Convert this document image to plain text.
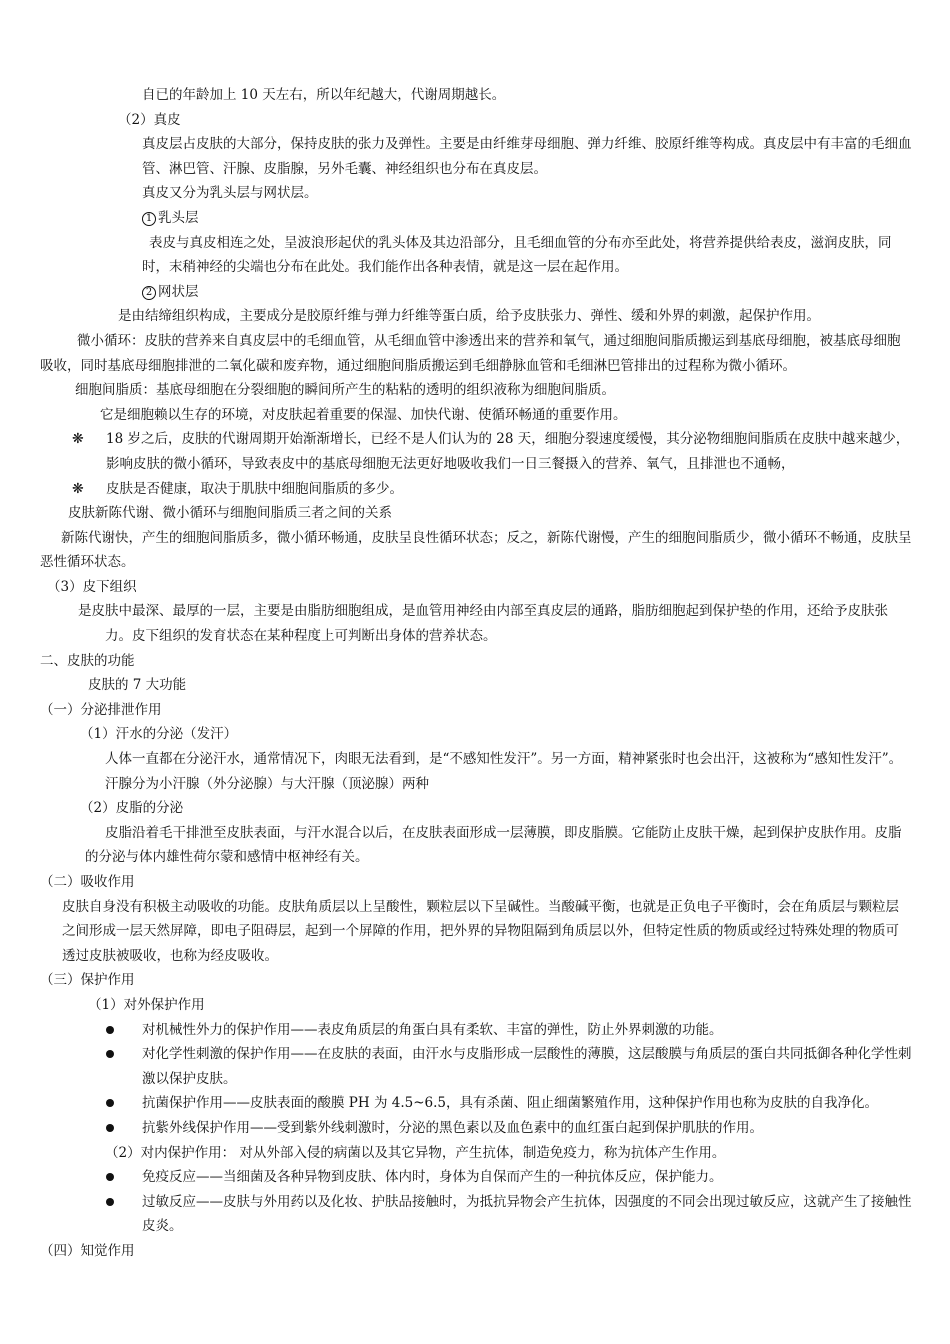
自已的年龄加上 10 天左右，所以年纪越大，代谢周期越长。
（2）真皮
真皮层占皮肤的大部分，保持皮肤的张力及弹性。主要是由纤维芽母细胞、弹力纤维、胶原纤维等构成。真皮层中有丰富的毛细血管、淋巴管、汗腺、皮脂腺，另外毛囊、神经组织也分布在真皮层。
真皮又分为乳头层与网状层。
1 乳头层
表皮与真皮相连之处，呈波浪形起伏的乳头体及其边沿部分，且毛细血管的分布亦至此处，将营养提供给表皮，滋润皮肤，同时，末稍神经的尖端也分布在此处。我们能作出各种表情，就是这一层在起作用。
2 网状层
是由结缔组织构成，主要成分是胶原纤维与弹力纤维等蛋白质，给予皮肤张力、弹性、缓和外界的刺激，起保护作用。
微小循环：皮肤的营养来自真皮层中的毛细血管，从毛细血管中渗透出来的营养和氧气，通过细胞间脂质搬运到基底母细胞，被基底母细胞吸收，同时基底母细胞排泄的二氧化碳和废弃物，通过细胞间脂质搬运到毛细静脉血管和毛细淋巴管排出的过程称为微小循环。
细胞间脂质：基底母细胞在分裂细胞的瞬间所产生的粘粘的透明的组织液称为细胞间脂质。
它是细胞赖以生存的环境，对皮肤起着重要的保湿、加快代谢、使循环畅通的重要作用。
❋ 18 岁之后，皮肤的代谢周期开始渐渐增长，已经不是人们认为的 28 天，细胞分裂速度缓慢，其分泌物细胞间脂质在皮肤中越来越少，影响皮肤的微小循环，导致表皮中的基底母细胞无法更好地吸收我们一日三餐摄入的营养、氧气，且排泄也不通畅，
❋ 皮肤是否健康，取决于肌肤中细胞间脂质的多少。
皮肤新陈代谢、微小循环与细胞间脂质三者之间的关系
新陈代谢快，产生的细胞间脂质多，微小循环畅通，皮肤呈良性循环状态；反之，新陈代谢慢，产生的细胞间脂质少，微小循环不畅通，皮肤呈恶性循环状态。
（3）皮下组织
是皮肤中最深、最厚的一层，主要是由脂肪细胞组成，是血管用神经由内部至真皮层的通路，脂肪细胞起到保护垫的作用，还给予皮肤张力。皮下组织的发育状态在某种程度上可判断出身体的营养状态。
二、皮肤的功能
皮肤的 7 大功能
（一）分泌排泄作用
（1）汗水的分泌（发汗）
人体一直都在分泌汗水，通常情况下，肉眼无法看到，是“不感知性发汗”。另一方面，精神紧张时也会出汗，这被称为“感知性发汗”。
汗腺分为小汗腺（外分泌腺）与大汗腺（顶泌腺）两种
（2）皮脂的分泌
皮脂沿着毛干排泄至皮肤表面，与汗水混合以后，在皮肤表面形成一层薄膜，即皮脂膜。它能防止皮肤干燥，起到保护皮肤作用。皮脂的分泌与体内雄性荷尔蒙和感情中枢神经有关。
（二）吸收作用
皮肤自身没有积极主动吸收的功能。皮肤角质层以上呈酸性，颗粒层以下呈碱性。当酸碱平衡，也就是正负电子平衡时，会在角质层与颗粒层之间形成一层天然屏障，即电子阻碍层，起到一个屏障的作用，把外界的异物阻隔到角质层以外，但特定性质的物质或经过特殊处理的物质可透过皮肤被吸收，也称为经皮吸收。
（三）保护作用
（1）对外保护作用
对机械性外力的保护作用——表皮角质层的角蛋白具有柔软、丰富的弹性，防止外界刺激的功能。
对化学性刺激的保护作用——在皮肤的表面，由汗水与皮脂形成一层酸性的薄膜，这层酸膜与角质层的蛋白共同抵御各种化学性刺激以保护皮肤。
抗菌保护作用——皮肤表面的酸膜 PH 为 4.5~6.5，具有杀菌、阻止细菌繁殖作用，这种保护作用也称为皮肤的自我净化。
抗紫外线保护作用——受到紫外线刺激时，分泌的黑色素以及血色素中的血红蛋白起到保护肌肤的作用。
（2）对内保护作用： 对从外部入侵的病菌以及其它异物，产生抗体，制造免疫力，称为抗体产生作用。
免疫反应——当细菌及各种异物到皮肤、体内时，身体为自保而产生的一种抗体反应，保护能力。
过敏反应——皮肤与外用药以及化妆、护肤品接触时，为抵抗异物会产生抗体，因强度的不同会出现过敏反应，这就产生了接触性皮炎。
（四）知觉作用
